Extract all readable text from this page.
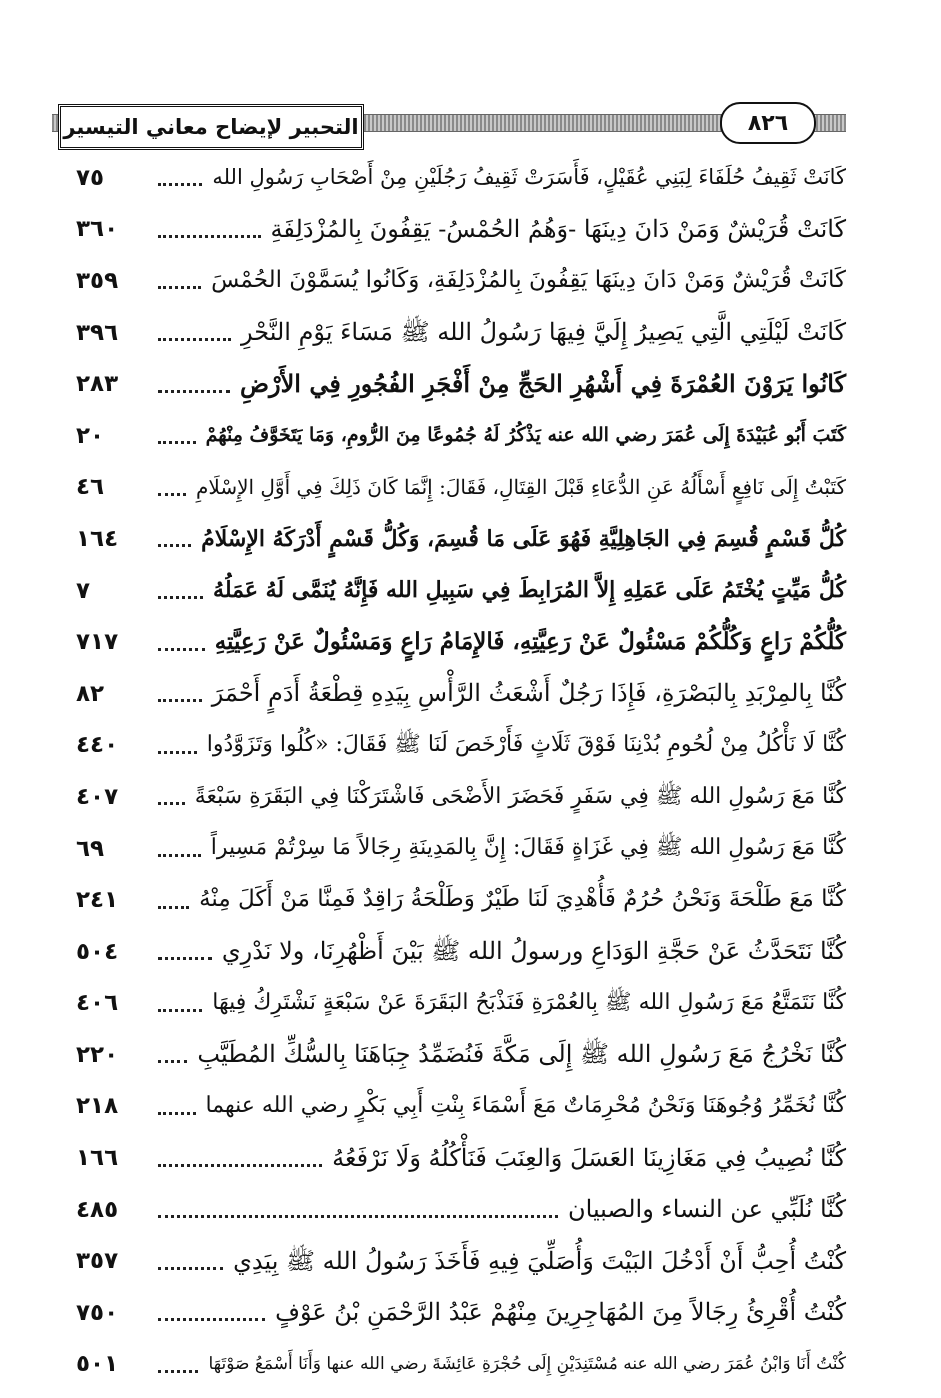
التحبير لإيضاح معاني التيسير	٨٢٦
كَانَتْ ثَقِيفُ حُلَفَاءَ لِبَنِي عُقَيْلٍ، فَأَسَرَتْ ثَقِيفُ رَجُلَيْنِ مِنْ أَصْحَابِ رَسُولِ الله
٧٥
كَانَتْ قُرَيْشٌ وَمَنْ دَانَ دِينَهَا -وَهُمُ الحُمْسُ- يَقِفُونَ بِالمُزْدَلِفَةِ
٣٦٠
كَانَتْ قُرَيْشٌ وَمَنْ دَانَ دِينَهَا يَقِفُونَ بِالمُزْدَلِفَةِ، وَكَانُوا يُسَمَّوْنَ الحُمْسَ
٣٥٩
كَانَتْ لَيْلَتِي الَّتِي يَصِيرُ إِلَيَّ فِيهَا رَسُولُ الله ﷺ مَسَاءَ يَوْمِ النَّحْرِ
٣٩٦
كَانُوا يَرَوْنَ العُمْرَةَ فِي أَشْهُرِ الحَجِّ مِنْ أَفْجَرِ الفُجُورِ فِي الأَرْضِ
٢٨٣
كَتَبَ أَبُو عُبَيْدَةَ إِلَى عُمَرَ رضي الله عنه يَذْكُرُ لَهُ جُمُوعًا مِنَ الرُّومِ، وَمَا يَتَخَوَّفُ مِنْهُمْ
٢٠
كَتَبْتُ إِلَى نَافِعٍ أَسْأَلُهُ عَنِ الدُّعَاءِ قَبْلَ القِتَالِ، فَقَالَ: إِنَّمَا كَانَ ذَلِكَ فِي أَوَّلِ الإِسْلَامِ
٤٦
كُلُّ قَسْمٍ قُسِمَ فِي الجَاهِلِيَّةِ فَهُوَ عَلَى مَا قُسِمَ، وَكُلُّ قَسْمٍ أَدْرَكَهُ الإِسْلَامُ
١٦٤
كُلُّ مَيِّتٍ يُخْتَمُ عَلَى عَمَلِهِ إِلاَّ المُرَابِطَ فِي سَبِيلِ الله فَإِنَّهُ يُنَمَّى لَهُ عَمَلُهُ
٧
كُلُّكُمْ رَاعٍ وَكُلُّكُمْ مَسْئُولٌ عَنْ رَعِيَّتِهِ، فَالإِمَامُ رَاعٍ وَمَسْئُولٌ عَنْ رَعِيَّتِهِ
٧١٧
كُنَّا بِالمِرْبَدِ بِالبَصْرَةِ، فَإِذَا رَجُلٌ أَشْعَثُ الرَّأْسِ بِيَدِهِ قِطْعَةُ أَدَمٍ أَحْمَرَ
٨٢
كُنَّا لَا نَأْكُلُ مِنْ لُحُومِ بُدْنِنَا فَوْقَ ثَلَاثٍ فَأَرْخَصَ لَنَا ﷺ فَقَالَ: «كُلُوا وَتَزَوَّدُوا
٤٤٠
كُنَّا مَعَ رَسُولِ الله ﷺ فِي سَفَرٍ فَحَضَرَ الأَضْحَى فَاشْتَرَكْنَا فِي البَقَرَةِ سَبْعَةً
٤٠٧
كُنَّا مَعَ رَسُولِ الله ﷺ فِي غَزَاةٍ فَقَالَ: إِنَّ بِالمَدِينَةِ رِجَالاً مَا سِرْتُمْ مَسِيراً
٦٩
كُنَّا مَعَ طَلْحَةَ وَنَحْنُ حُرُمٌ فَأُهْدِيَ لَنَا طَيْرٌ وَطَلْحَةُ رَاقِدٌ فَمِنَّا مَنْ أَكَلَ مِنْهُ
٢٤١
كُنَّا نَتَحَدَّثُ عَنْ حَجَّةِ الوَدَاعِ ورسولُ الله ﷺ بَيْنَ أَظْهُرِنَا، ولا نَدْرِي
٥٠٤
كُنَّا نَتَمَتَّعُ مَعَ رَسُولِ الله ﷺ بِالعُمْرَةِ فَنَذْبَحُ البَقَرَةَ عَنْ سَبْعَةٍ نَشْتَرِكُ فِيهَا
٤٠٦
كُنَّا نَخْرُجُ مَعَ رَسُولِ الله ﷺ إِلَى مَكَّةَ فَنُضَمِّدُ جِبَاهَنَا بِالسُّكِّ المُطَيَّبِ
٢٢٠
كُنَّا نُخَمِّرُ وُجُوهَنَا وَنَحْنُ مُحْرِمَاتٌ مَعَ أَسْمَاءَ بِنْتِ أَبِي بَكْرٍ رضي الله عنهما
٢١٨
كُنَّا نُصِيبُ فِي مَغَازِينَا العَسَلَ وَالعِنَبَ فَنَأْكُلُهُ وَلَا نَرْفَعُهُ
١٦٦
كُنَّا نُلَبِّي عن النساء والصبيان
٤٨٥
كُنْتُ أُحِبُّ أَنْ أَدْخُلَ البَيْتَ وَأُصَلِّيَ فِيهِ فَأَخَذَ رَسُولُ الله ﷺ بِيَدِي
٣٥٧
كُنْتُ أُقْرِئُ رِجَالاً مِنَ المُهَاجِرِينَ مِنْهُمْ عَبْدُ الرَّحْمَنِ بْنُ عَوْفٍ
٧٥٠
كُنْتُ أَنَا وَابْنُ عُمَرَ رضي الله عنه مُسْتَنِدَيْنِ إِلَى حُجْرَةِ عَائِشَةَ رضي الله عنها وَأَنَا أَسْمَعُ صَوْتَهَا
٥٠١
